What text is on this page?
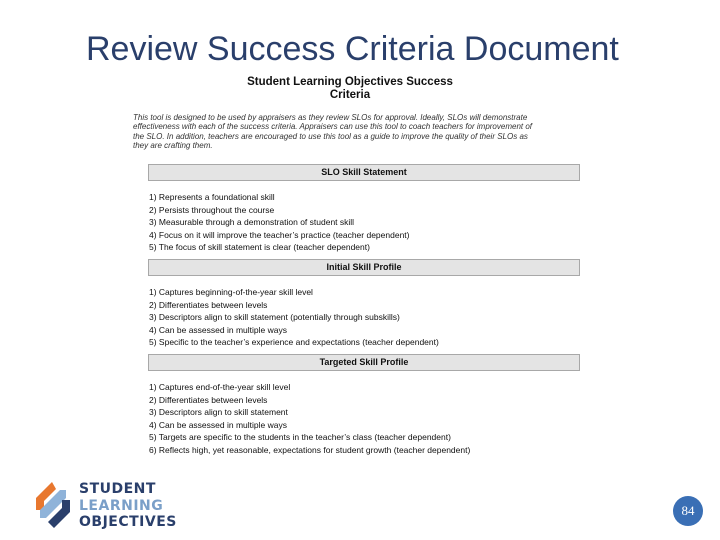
Review Success Criteria Document
Student Learning Objectives Success
Criteria
This tool is designed to be used by appraisers as they review SLOs for approval. Ideally, SLOs will demonstrate
effectiveness with each of the success criteria. Appraisers can use this tool to coach teachers for improvement of
the SLO. In addition, teachers are encouraged to use this tool as a guide to improve the quality of their SLOs as
they are crafting them.
SLO Skill Statement
1) Represents a foundational skill
2) Persists throughout the course
3) Measurable through a demonstration of student skill
4) Focus on it will improve the teacher’s practice (teacher dependent)
5) The focus of skill statement is clear (teacher dependent)
Initial Skill Profile
1) Captures beginning-of-the-year skill level
2) Differentiates between levels
3) Descriptors align to skill statement (potentially through subskills)
4) Can be assessed in multiple ways
5) Specific to the teacher’s experience and expectations (teacher dependent)
Targeted Skill Profile
1) Captures end-of-the-year skill level
2) Differentiates between levels
3) Descriptors align to skill statement
4) Can be assessed in multiple ways
5) Targets are specific to the students in the teacher’s class (teacher dependent)
6) Reflects high, yet reasonable, expectations for student growth (teacher dependent)
STUDENT
LEARNING
OBJECTIVES
84
